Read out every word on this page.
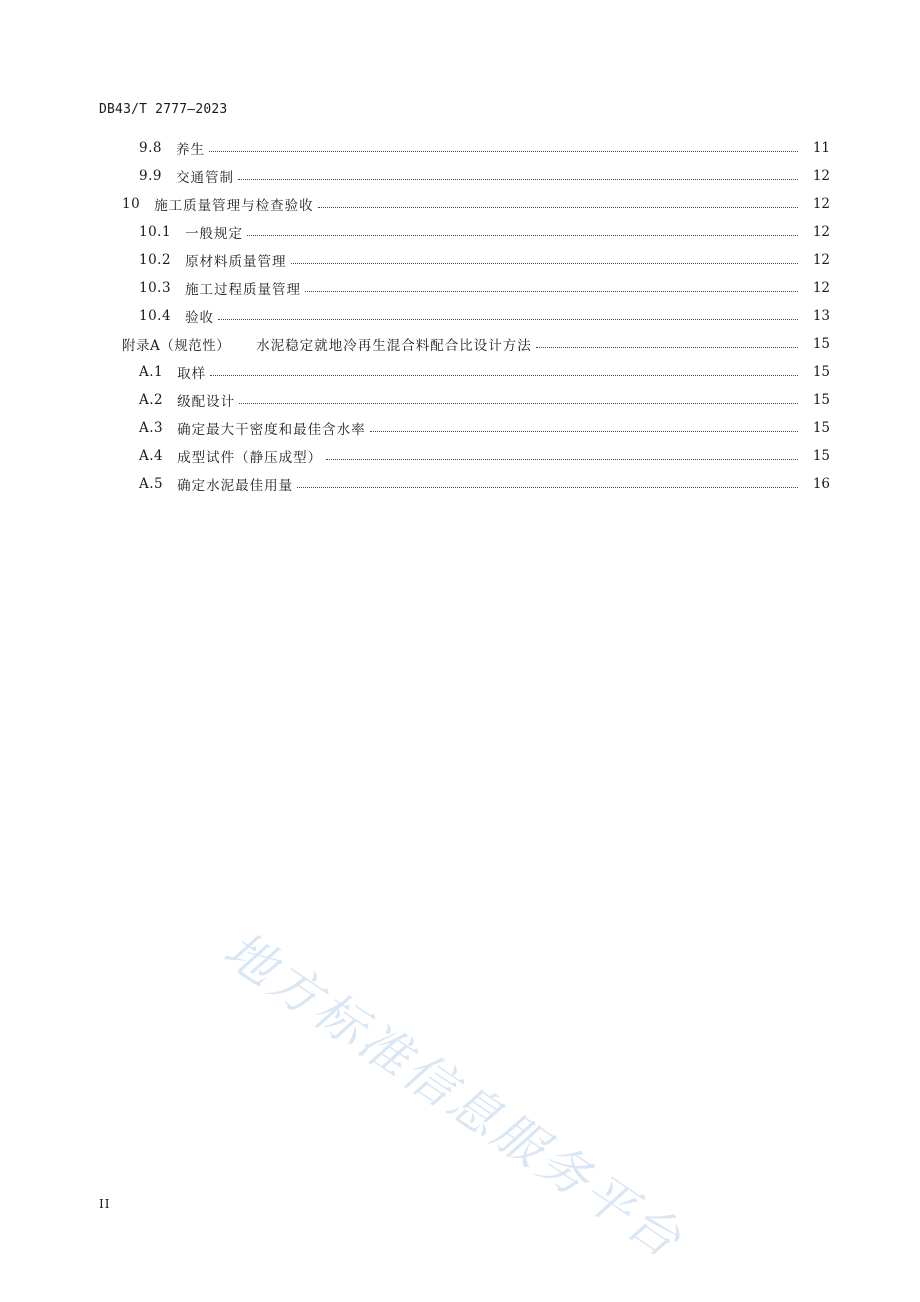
DB43/T 2777—2023
9.8 养生	11
9.9 交通管制	12
10 施工质量管理与检查验收	12
10.1 一般规定	12
10.2 原材料质量管理	12
10.3 施工过程质量管理	12
10.4 验收	13
附录A（规范性） 水泥稳定就地冷再生混合料配合比设计方法	15
A.1 取样	15
A.2 级配设计	15
A.3 确定最大干密度和最佳含水率	15
A.4 成型试件（静压成型）	15
A.5 确定水泥最佳用量	16
地方标准信息服务平台
II
